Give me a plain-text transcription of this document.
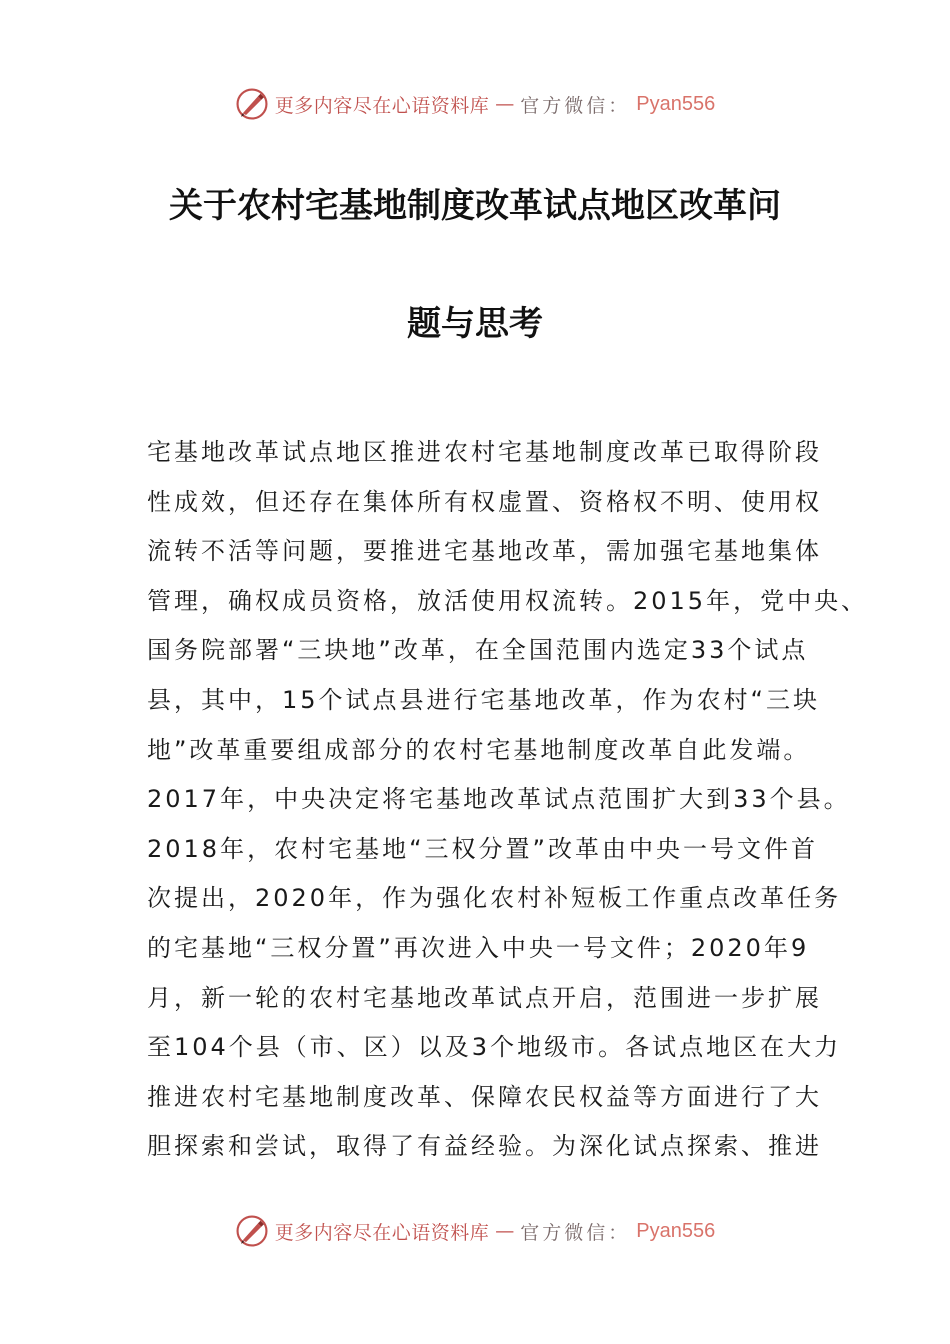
更多内容尽在心语资料库 — 官方微信： Pyan556
关于农村宅基地制度改革试点地区改革问
题与思考
宅基地改革试点地区推进农村宅基地制度改革已取得阶段
性成效，但还存在集体所有权虚置、资格权不明、使用权
流转不活等问题，要推进宅基地改革，需加强宅基地集体
管理，确权成员资格，放活使用权流转。2015年，党中央、
国务院部署“三块地”改革，在全国范围内选定33个试点
县，其中，15个试点县进行宅基地改革，作为农村“三块
地”改革重要组成部分的农村宅基地制度改革自此发端。
2017年，中央决定将宅基地改革试点范围扩大到33个县。
2018年，农村宅基地“三权分置”改革由中央一号文件首
次提出，2020年，作为强化农村补短板工作重点改革任务
的宅基地“三权分置”再次进入中央一号文件；2020年9
月，新一轮的农村宅基地改革试点开启，范围进一步扩展
至104个县（市、区）以及3个地级市。各试点地区在大力
推进农村宅基地制度改革、保障农民权益等方面进行了大
胆探索和尝试，取得了有益经验。为深化试点探索、推进
更多内容尽在心语资料库 — 官方微信： Pyan556
